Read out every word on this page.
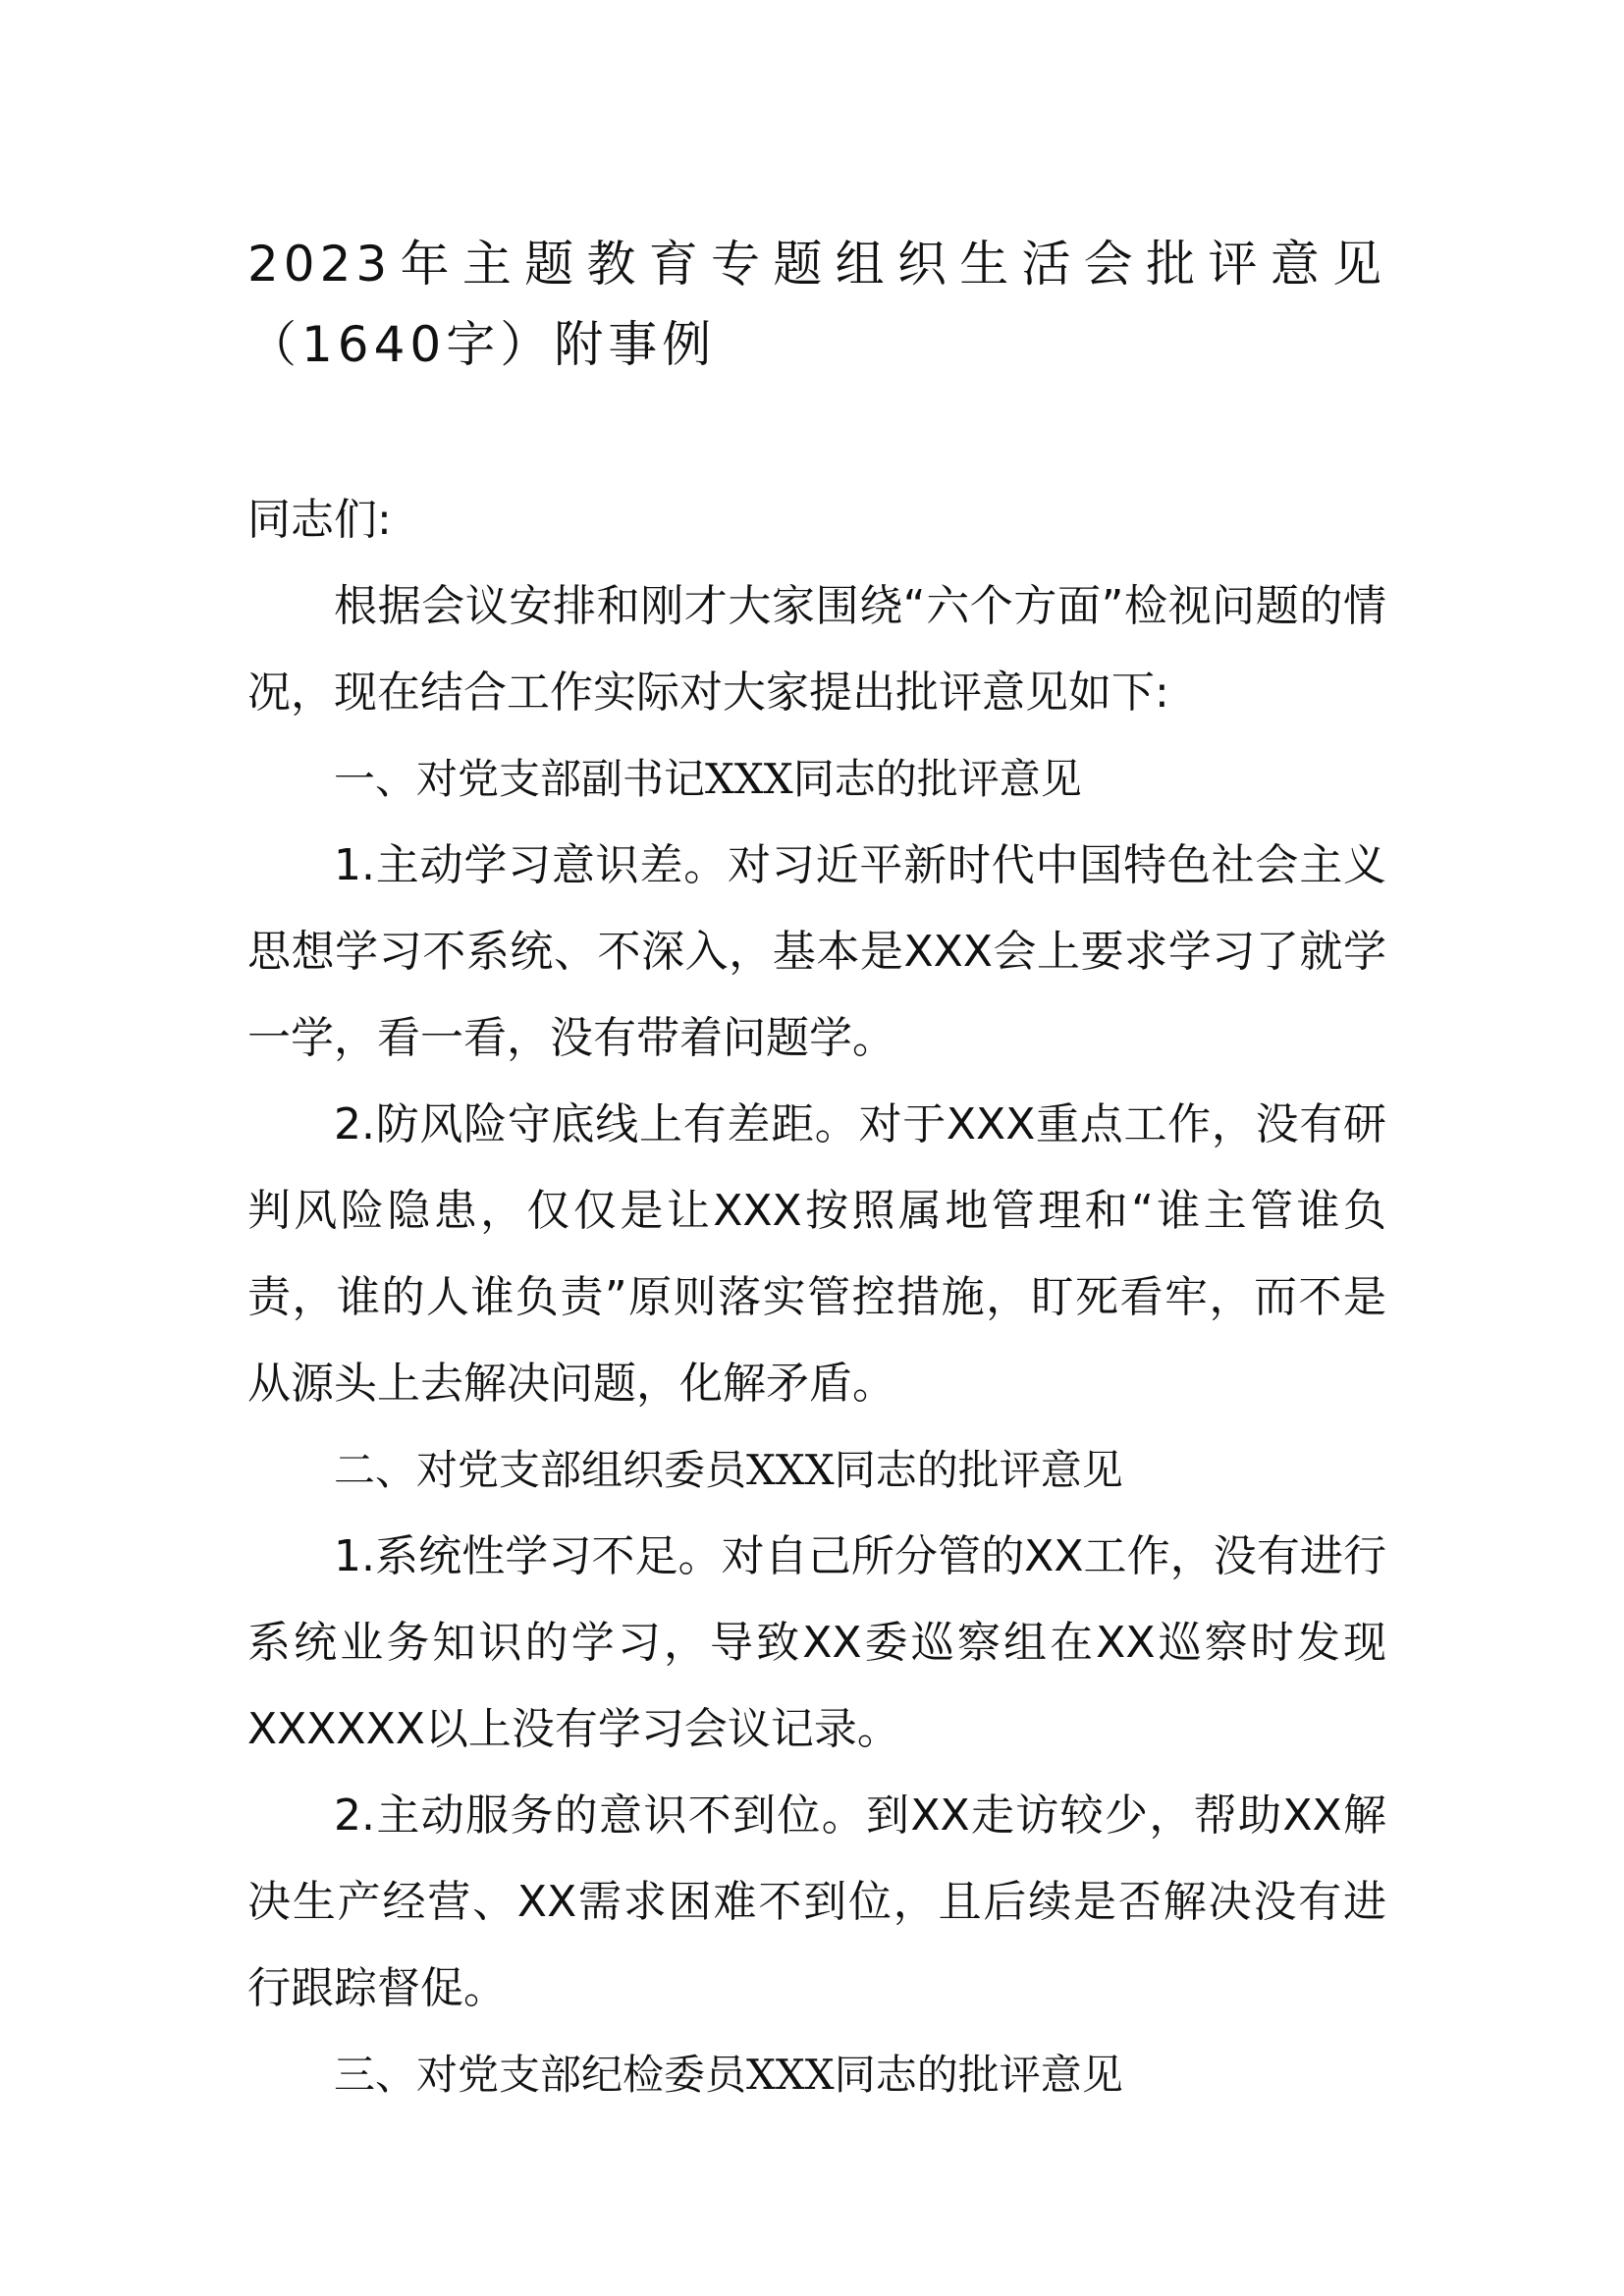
2023年主题教育专题组织生活会批评意见（1640字）附事例

同志们:

根据会议安排和刚才大家围绕“六个方面”检视问题的情况，现在结合工作实际对大家提出批评意见如下:

一、对党支部副书记XXX同志的批评意见

1.主动学习意识差。对习近平新时代中国特色社会主义思想学习不系统、不深入，基本是XXX会上要求学习了就学一学，看一看，没有带着问题学。

2.防风险守底线上有差距。对于XXX重点工作，没有研判风险隐患，仅仅是让XXX按照属地管理和“谁主管谁负责，谁的人谁负责”原则落实管控措施，盯死看牢，而不是从源头上去解决问题，化解矛盾。

二、对党支部组织委员XXX同志的批评意见

1.系统性学习不足。对自己所分管的XX工作，没有进行系统业务知识的学习，导致XX委巡察组在XX巡察时发现XXXXXX以上没有学习会议记录。

2.主动服务的意识不到位。到XX走访较少，帮助XX解决生产经营、XX需求困难不到位，且后续是否解决没有进行跟踪督促。

三、对党支部纪检委员XXX同志的批评意见
